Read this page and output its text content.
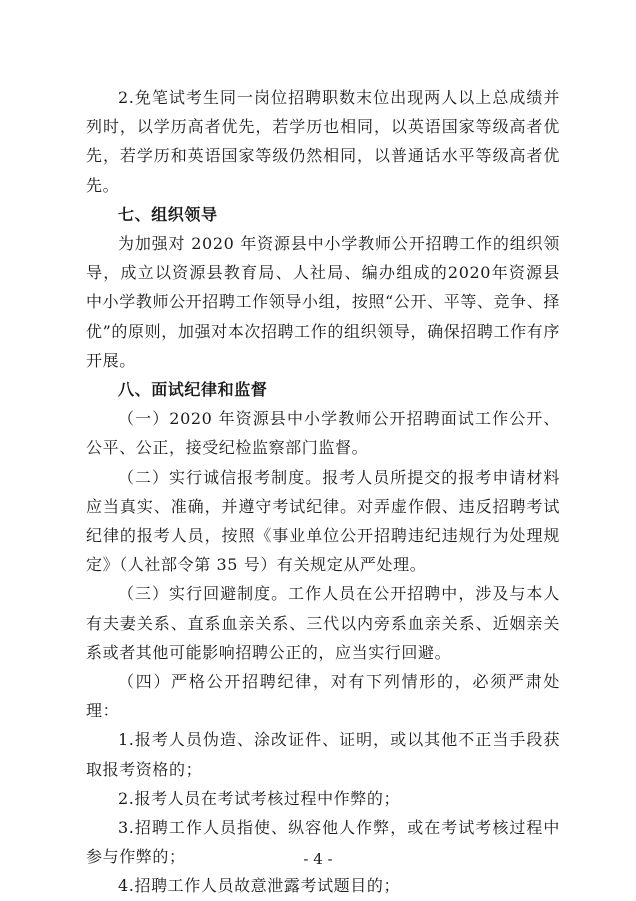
2.免笔试考生同一岗位招聘职数末位出现两人以上总成绩并列时，以学历高者优先，若学历也相同，以英语国家等级高者优先，若学历和英语国家等级仍然相同，以普通话水平等级高者优先。

七、组织领导

为加强对 2020 年资源县中小学教师公开招聘工作的组织领导，成立以资源县教育局、人社局、编办组成的2020年资源县中小学教师公开招聘工作领导小组，按照“公开、平等、竞争、择优”的原则，加强对本次招聘工作的组织领导，确保招聘工作有序开展。

八、面试纪律和监督

（一）2020 年资源县中小学教师公开招聘面试工作公开、公平、公正，接受纪检监察部门监督。

（二）实行诚信报考制度。报考人员所提交的报考申请材料应当真实、准确，并遵守考试纪律。对弄虚作假、违反招聘考试纪律的报考人员，按照《事业单位公开招聘违纪违规行为处理规定》（人社部令第 35 号）有关规定从严处理。

（三）实行回避制度。工作人员在公开招聘中，涉及与本人有夫妻关系、直系血亲关系、三代以内旁系血亲关系、近姻亲关系或者其他可能影响招聘公正的，应当实行回避。

（四）严格公开招聘纪律，对有下列情形的，必须严肃处理：

1.报考人员伪造、涂改证件、证明，或以其他不正当手段获取报考资格的；

2.报考人员在考试考核过程中作弊的；

3.招聘工作人员指使、纵容他人作弊，或在考试考核过程中参与作弊的；

4.招聘工作人员故意泄露考试题目的；

- 4 -
